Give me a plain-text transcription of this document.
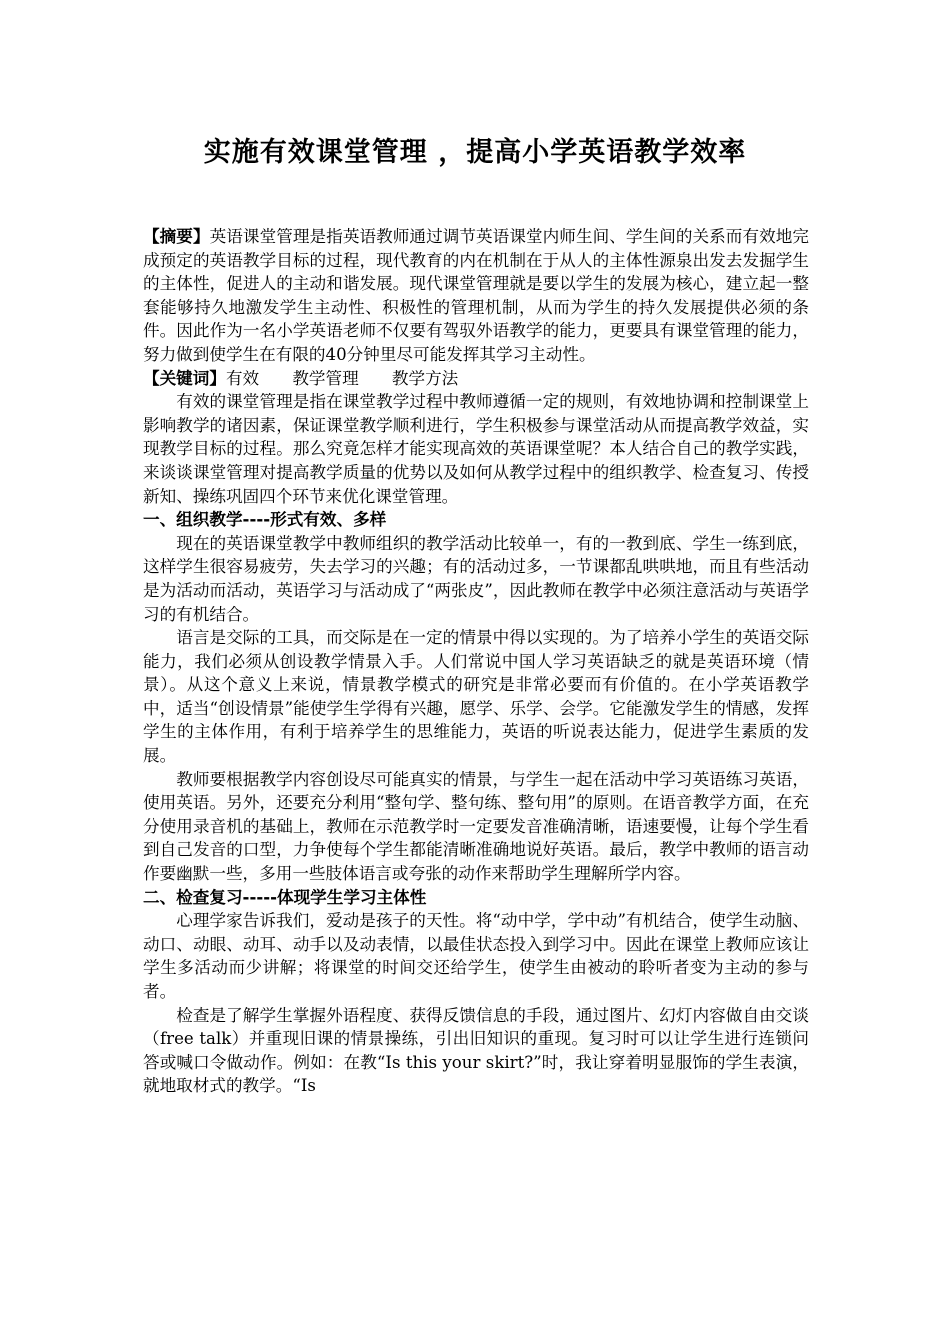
实施有效课堂管理 ，提高小学英语教学效率

【摘要】英语课堂管理是指英语教师通过调节英语课堂内师生间、学生间的关系而有效地完成预定的英语教学目标的过程，现代教育的内在机制在于从人的主体性源泉出发去发掘学生的主体性，促进人的主动和谐发展。现代课堂管理就是要以学生的发展为核心，建立起一整套能够持久地激发学生主动性、积极性的管理机制，从而为学生的持久发展提供必须的条件。因此作为一名小学英语老师不仅要有驾驭外语教学的能力，更要具有课堂管理的能力，努力做到使学生在有限的40分钟里尽可能发挥其学习主动性。

【关键词】有效　　教学管理　　教学方法

有效的课堂管理是指在课堂教学过程中教师遵循一定的规则，有效地协调和控制课堂上影响教学的诸因素，保证课堂教学顺利进行，学生积极参与课堂活动从而提高教学效益，实现教学目标的过程。那么究竟怎样才能实现高效的英语课堂呢？本人结合自己的教学实践，来谈谈课堂管理对提高教学质量的优势以及如何从教学过程中的组织教学、检查复习、传授新知、操练巩固四个环节来优化课堂管理。

一、组织教学----形式有效、多样

现在的英语课堂教学中教师组织的教学活动比较单一，有的一教到底、学生一练到底，这样学生很容易疲劳，失去学习的兴趣；有的活动过多，一节课都乱哄哄地，而且有些活动是为活动而活动，英语学习与活动成了“两张皮”，因此教师在教学中必须注意活动与英语学习的有机结合。

语言是交际的工具，而交际是在一定的情景中得以实现的。为了培养小学生的英语交际能力，我们必须从创设教学情景入手。人们常说中国人学习英语缺乏的就是英语环境（情景）。从这个意义上来说，情景教学模式的研究是非常必要而有价值的。在小学英语教学中，适当“创设情景”能使学生学得有兴趣，愿学、乐学、会学。它能激发学生的情感，发挥学生的主体作用，有利于培养学生的思维能力，英语的听说表达能力，促进学生素质的发展。

教师要根据教学内容创设尽可能真实的情景，与学生一起在活动中学习英语练习英语，使用英语。另外，还要充分利用“整句学、整句练、整句用”的原则。在语音教学方面，在充分使用录音机的基础上，教师在示范教学时一定要发音准确清晰，语速要慢，让每个学生看到自己发音的口型，力争使每个学生都能清晰准确地说好英语。最后，教学中教师的语言动作要幽默一些，多用一些肢体语言或夸张的动作来帮助学生理解所学内容。

二、检查复习-----体现学生学习主体性

心理学家告诉我们，爱动是孩子的天性。将“动中学，学中动”有机结合，使学生动脑、动口、动眼、动耳、动手以及动表情，以最佳状态投入到学习中。因此在课堂上教师应该让学生多活动而少讲解；将课堂的时间交还给学生，使学生由被动的聆听者变为主动的参与者。

检查是了解学生掌握外语程度、获得反馈信息的手段，通过图片、幻灯内容做自由交谈（free talk）并重现旧课的情景操练，引出旧知识的重现。复习时可以让学生进行连锁问答或喊口令做动作。例如：在教“Is this your skirt?”时，我让穿着明显服饰的学生表演，就地取材式的教学。“Is
